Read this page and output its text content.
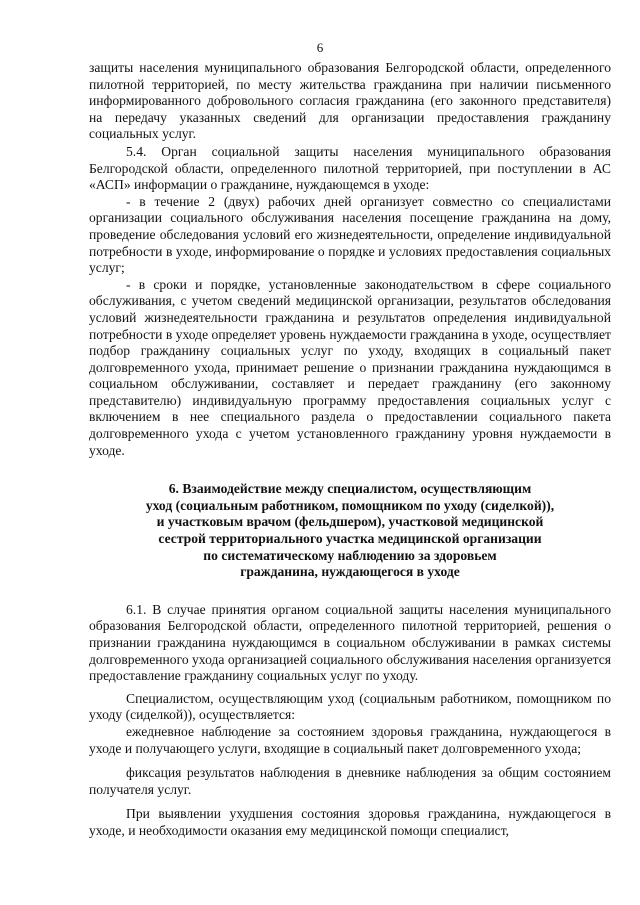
6

защиты населения муниципального образования Белгородской области, определенного пилотной территорией, по месту жительства гражданина при наличии письменного информированного добровольного согласия гражданина (его законного представителя) на передачу указанных сведений для организации предоставления гражданину социальных услуг.

5.4. Орган социальной защиты населения муниципального образования Белгородской области, определенного пилотной территорией, при поступлении в АС «АСП» информации о гражданине, нуждающемся в уходе:

- в течение 2 (двух) рабочих дней организует совместно со специалистами организации социального обслуживания населения посещение гражданина на дому, проведение обследования условий его жизнедеятельности, определение индивидуальной потребности в уходе, информирование о порядке и условиях предоставления социальных услуг;

- в сроки и порядке, установленные законодательством в сфере социального обслуживания, с учетом сведений медицинской организации, результатов обследования условий жизнедеятельности гражданина и результатов определения индивидуальной потребности в уходе определяет уровень нуждаемости гражданина в уходе, осуществляет подбор гражданину социальных услуг по уходу, входящих в социальный пакет долговременного ухода, принимает решение о признании гражданина нуждающимся в социальном обслуживании, составляет и передает гражданину (его законному представителю) индивидуальную программу предоставления социальных услуг с включением в нее специального раздела о предоставлении социального пакета долговременного ухода с учетом установленного гражданину уровня нуждаемости в уходе.

6. Взаимодействие между специалистом, осуществляющим
уход (социальным работником, помощником по уходу (сиделкой)),
и участковым врачом (фельдшером), участковой медицинской
сестрой территориального участка медицинской организации
по систематическому наблюдению за здоровьем
гражданина, нуждающегося в уходе

6.1. В случае принятия органом социальной защиты населения муниципального образования Белгородской области, определенного пилотной территорией, решения о признании гражданина нуждающимся в социальном обслуживании в рамках системы долговременного ухода организацией социального обслуживания населения организуется предоставление гражданину социальных услуг по уходу.

Специалистом, осуществляющим уход (социальным работником, помощником по уходу (сиделкой)), осуществляется:

ежедневное наблюдение за состоянием здоровья гражданина, нуждающегося в уходе и получающего услуги, входящие в социальный пакет долговременного ухода;

фиксация результатов наблюдения в дневнике наблюдения за общим состоянием получателя услуг.

При выявлении ухудшения состояния здоровья гражданина, нуждающегося в уходе, и необходимости оказания ему медицинской помощи специалист,
